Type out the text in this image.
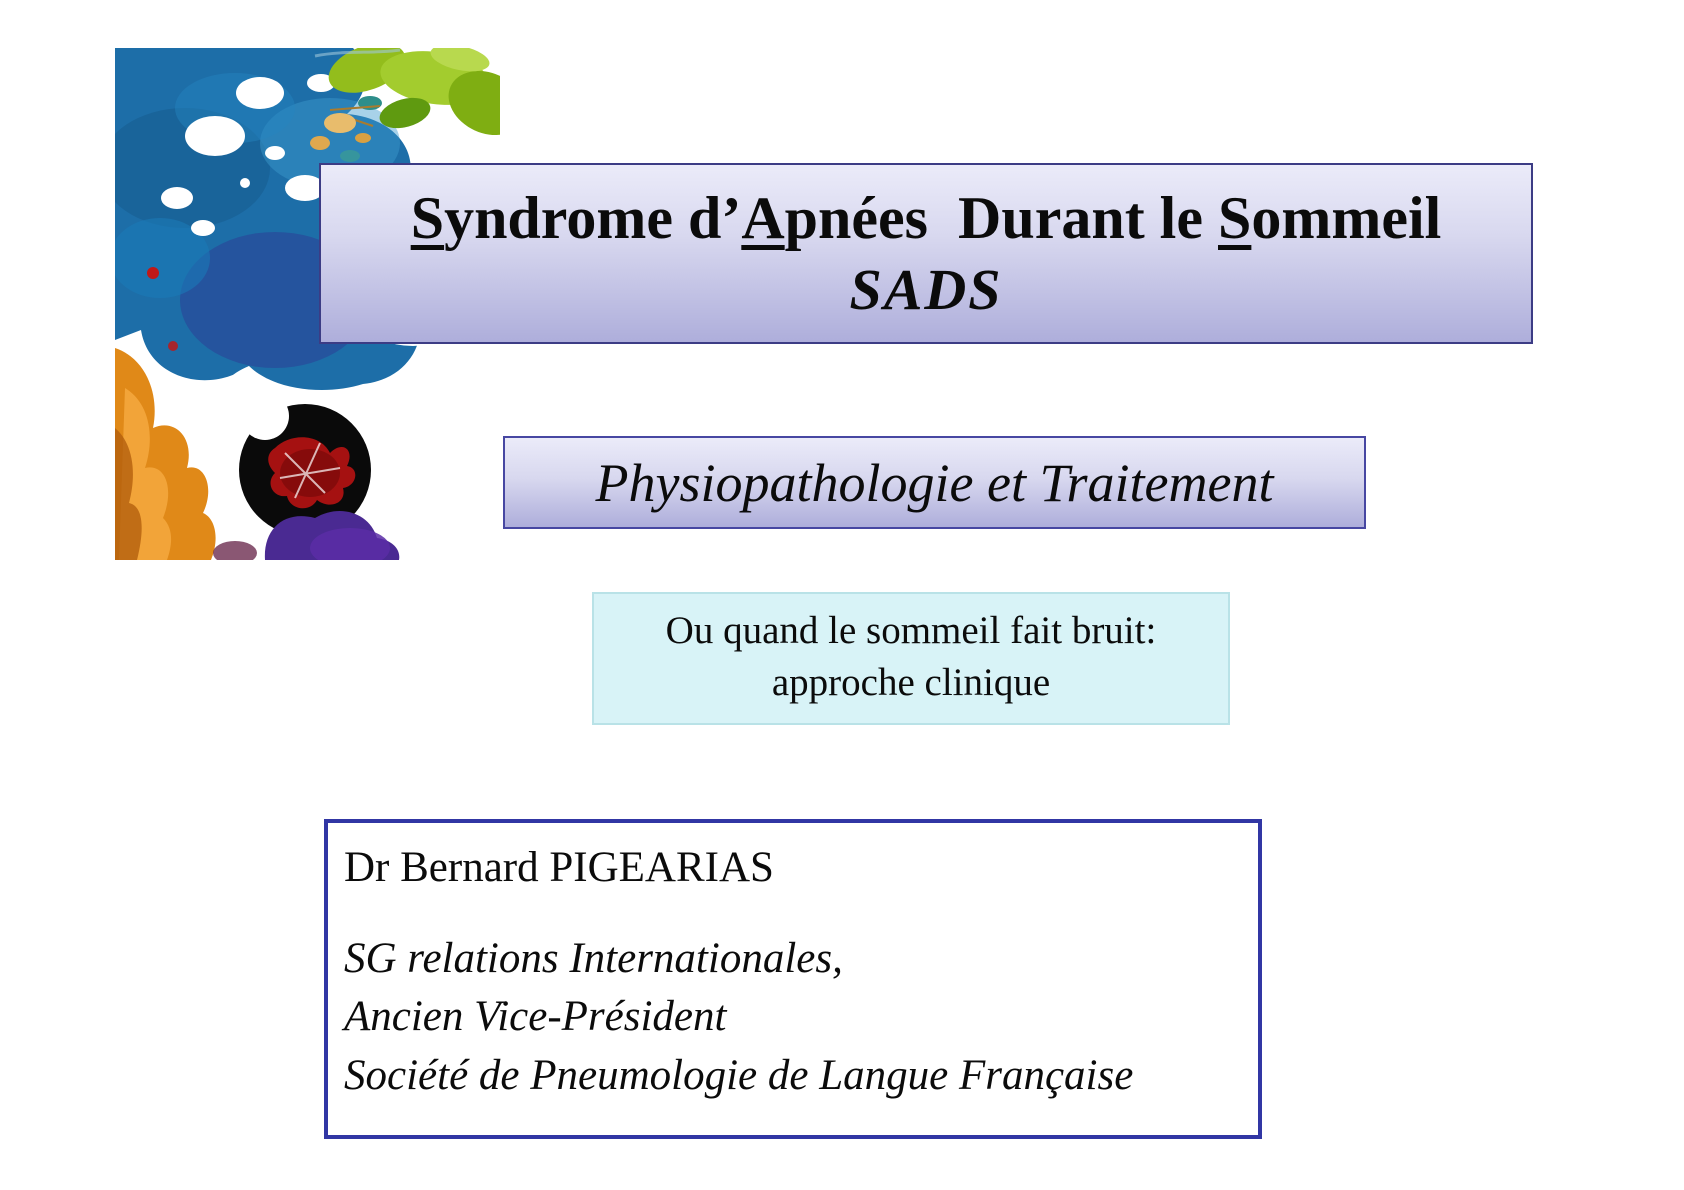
Syndrome d’Apnées  Durant le Sommeil
SADS
Physiopathologie et Traitement
Ou quand le sommeil fait bruit:
approche clinique
Dr Bernard PIGEARIAS
SG relations Internationales,
Ancien Vice-Président
Société de Pneumologie de Langue Française
